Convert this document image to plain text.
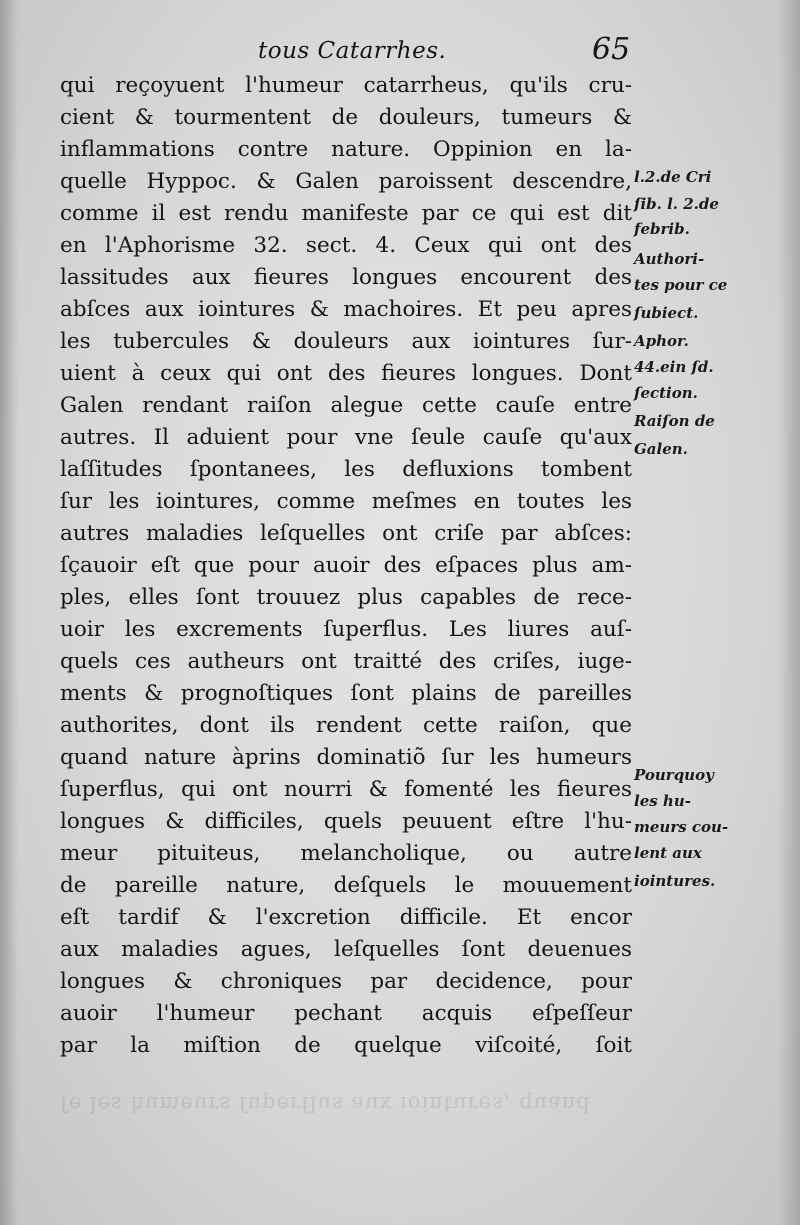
tous Catarrhes.	65
qui reçoyuent l'humeur catarrheus, qu'ils cru-
cient & tourmentent de douleurs, tumeurs &
inflammations contre nature. Oppinion en la-
quelle Hyppoc. & Galen paroissent descendre,
comme il est rendu manifeste par ce qui est dit
en l'Aphorisme 32. sect. 4. Ceux qui ont des
lassitudes aux fieures longues encourent des
abſces aux iointures & machoires. Et peu apres
les tubercules & douleurs aux iointures ſur-
uient à ceux qui ont des fieures longues. Dont
Galen rendant raiſon alegue cette cauſe entre
autres. Il aduient pour vne ſeule cauſe qu'aux
laſſitudes ſpontanees, les defluxions tombent
ſur les iointures, comme meſmes en toutes les
autres maladies leſquelles ont criſe par abſces:
ſçauoir eſt que pour auoir des eſpaces plus am-
ples, elles ſont trouuez plus capables de rece-
uoir les excrements ſuperflus. Les liures auſ-
quels ces autheurs ont traitté des criſes, iuge-
ments & prognoſtiques ſont plains de pareilles
authorites, dont ils rendent cette raiſon, que
quand nature àprins dominatiõ ſur les humeurs
ſuperflus, qui ont nourri & fomenté les fieures
longues & difficiles, quels peuuent eſtre l'hu-
meur pituiteus, melancholique, ou autre
de pareille nature, deſquels le mouuement
eſt tardif & l'excretion difficile. Et encor
aux maladies agues, leſquelles ſont deuenues
longues & chroniques par decidence, pour
auoir l'humeur pechant acquis eſpeſſeur
par la miſtion de quelque viſcoité, ſoit
l.2.de Cri
ſib. l. 2.de
febrib.
Authori-
tes pour ce
ſubiect.
Aphor.
44.ein ſd.
ſection.
Raiſon de
Galen.
Pourquoy
les hu-
meurs cou-
lent aux
iointures.
ſe les humeurs ſuperflus aux iointures, quand
